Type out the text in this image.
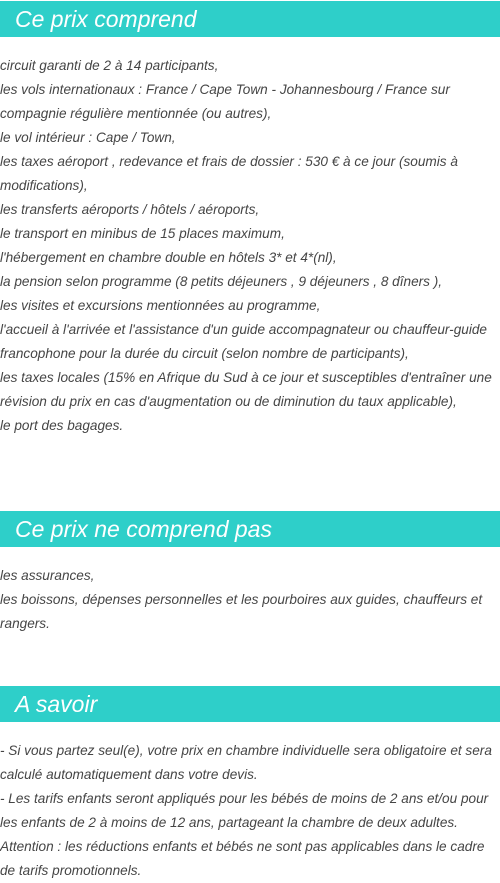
Ce prix comprend
circuit garanti de 2 à 14 participants,
les vols internationaux : France / Cape Town - Johannesbourg / France sur compagnie régulière mentionnée (ou autres),
le vol intérieur : Cape / Town,
les taxes aéroport , redevance et frais de dossier : 530 € à ce jour (soumis à modifications),
les transferts aéroports / hôtels / aéroports,
le transport en minibus de 15 places maximum,
l'hébergement en chambre double en hôtels 3* et 4*(nl),
la pension selon programme (8 petits déjeuners , 9 déjeuners , 8 dîners ),
les visites et excursions mentionnées au programme,
l'accueil à l'arrivée et l'assistance d'un guide accompagnateur ou chauffeur-guide francophone pour la durée du circuit (selon nombre de participants),
les taxes locales (15% en Afrique du Sud à ce jour et susceptibles d'entraîner une révision du prix en cas d'augmentation ou de diminution du taux applicable),
le port des bagages.
Ce prix ne comprend pas
les assurances,
les boissons, dépenses personnelles et les pourboires aux guides, chauffeurs et rangers.
A savoir
- Si vous partez seul(e), votre prix en chambre individuelle sera obligatoire et sera calculé automatiquement dans votre devis.
- Les tarifs enfants seront appliqués pour les bébés de moins de 2 ans et/ou pour les enfants de 2 à moins de 12 ans, partageant la chambre de deux adultes.
Attention : les réductions enfants et bébés ne sont pas applicables dans le cadre de tarifs promotionnels.
